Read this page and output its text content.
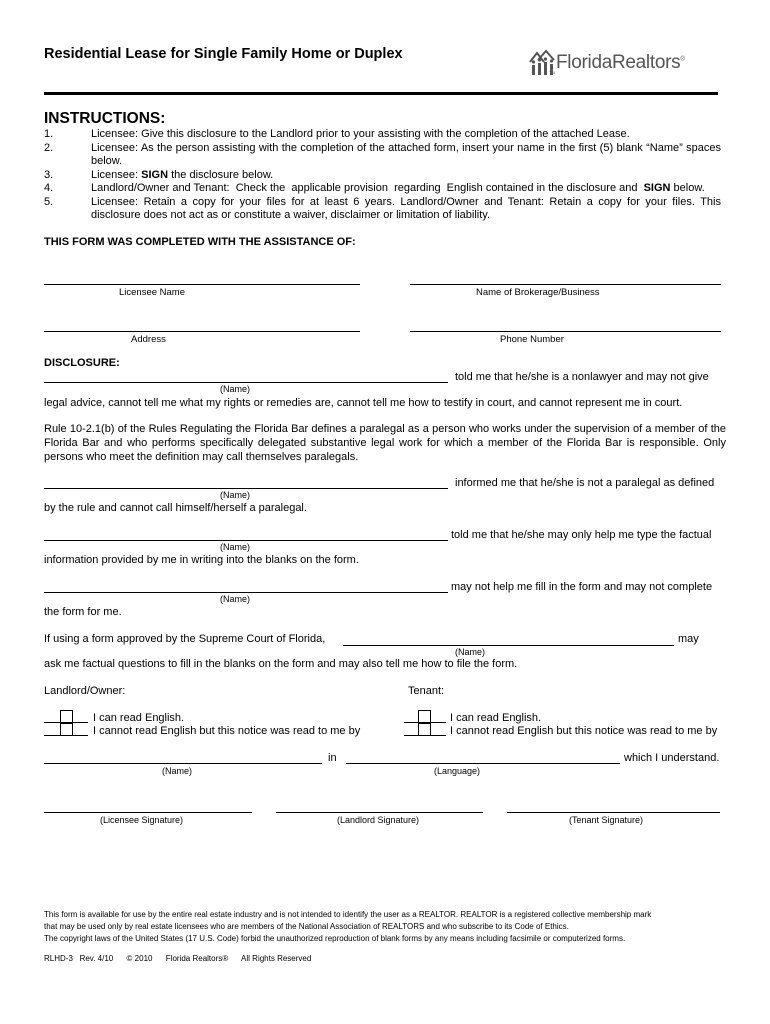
Residential Lease for Single Family Home or Duplex	FloridaRealtors®
TM
INSTRUCTIONS:
1.	Licensee: Give this disclosure to the Landlord prior to your assisting with the completion of the attached Lease.
2.	Licensee: As the person assisting with the completion of the attached form, insert your name in the first (5) blank “Name” spaces below.
3.	Licensee: SIGN the disclosure below.
4.	Landlord/Owner and Tenant:  Check the  applicable provision  regarding  English contained in the disclosure and  SIGN below.
5.	Licensee: Retain a copy for your files for at least 6 years. Landlord/Owner and Tenant: Retain a copy for your files. This disclosure does not act as or constitute a waiver, disclaimer or limitation of liability.
THIS FORM WAS COMPLETED WITH THE ASSISTANCE OF:
Licensee Name	Name of Brokerage/Business
Address	Phone Number
DISCLOSURE:
told me that he/she is a nonlawyer and may not give
(Name)
legal advice, cannot tell me what my rights or remedies are, cannot tell me how to testify in court, and cannot represent me in court.
Rule 10-2.1(b) of the Rules Regulating the Florida Bar defines a paralegal as a person who works under the supervision of a member of the Florida Bar and who performs specifically delegated substantive legal work for which a member of the Florida Bar is responsible. Only persons who meet the definition may call themselves paralegals.
informed me that he/she is not a paralegal as defined
(Name)
by the rule and cannot call himself/herself a paralegal.
told me that he/she may only help me type the factual
(Name)
information provided by me in writing into the blanks on the form.
may not help me fill in the form and may not complete
(Name)
the form for me.
If using a form approved by the Supreme Court of Florida,	may
(Name)
ask me factual questions to fill in the blanks on the form and may also tell me how to file the form.
Landlord/Owner:	Tenant:
I can read English.
I cannot read English but this notice was read to me by
I can read English.
I cannot read English but this notice was read to me by
in	which I understand.
(Name)	(Language)
(Licensee Signature)	(Landlord Signature)	(Tenant Signature)
This form is available for use by the entire real estate industry and is not intended to identify the user as a REALTOR. REALTOR is a registered collective membership mark
that may be used only by real estate licensees who are members of the National Association of REALTORS and who subscribe to its Code of Ethics.
The copyright laws of the United States (17 U.S. Code) forbid the unauthorized reproduction of blank forms by any means including facsimile or computerized forms.
RLHD-3   Rev. 4/10      © 2010      Florida Realtors®      All Rights Reserved
